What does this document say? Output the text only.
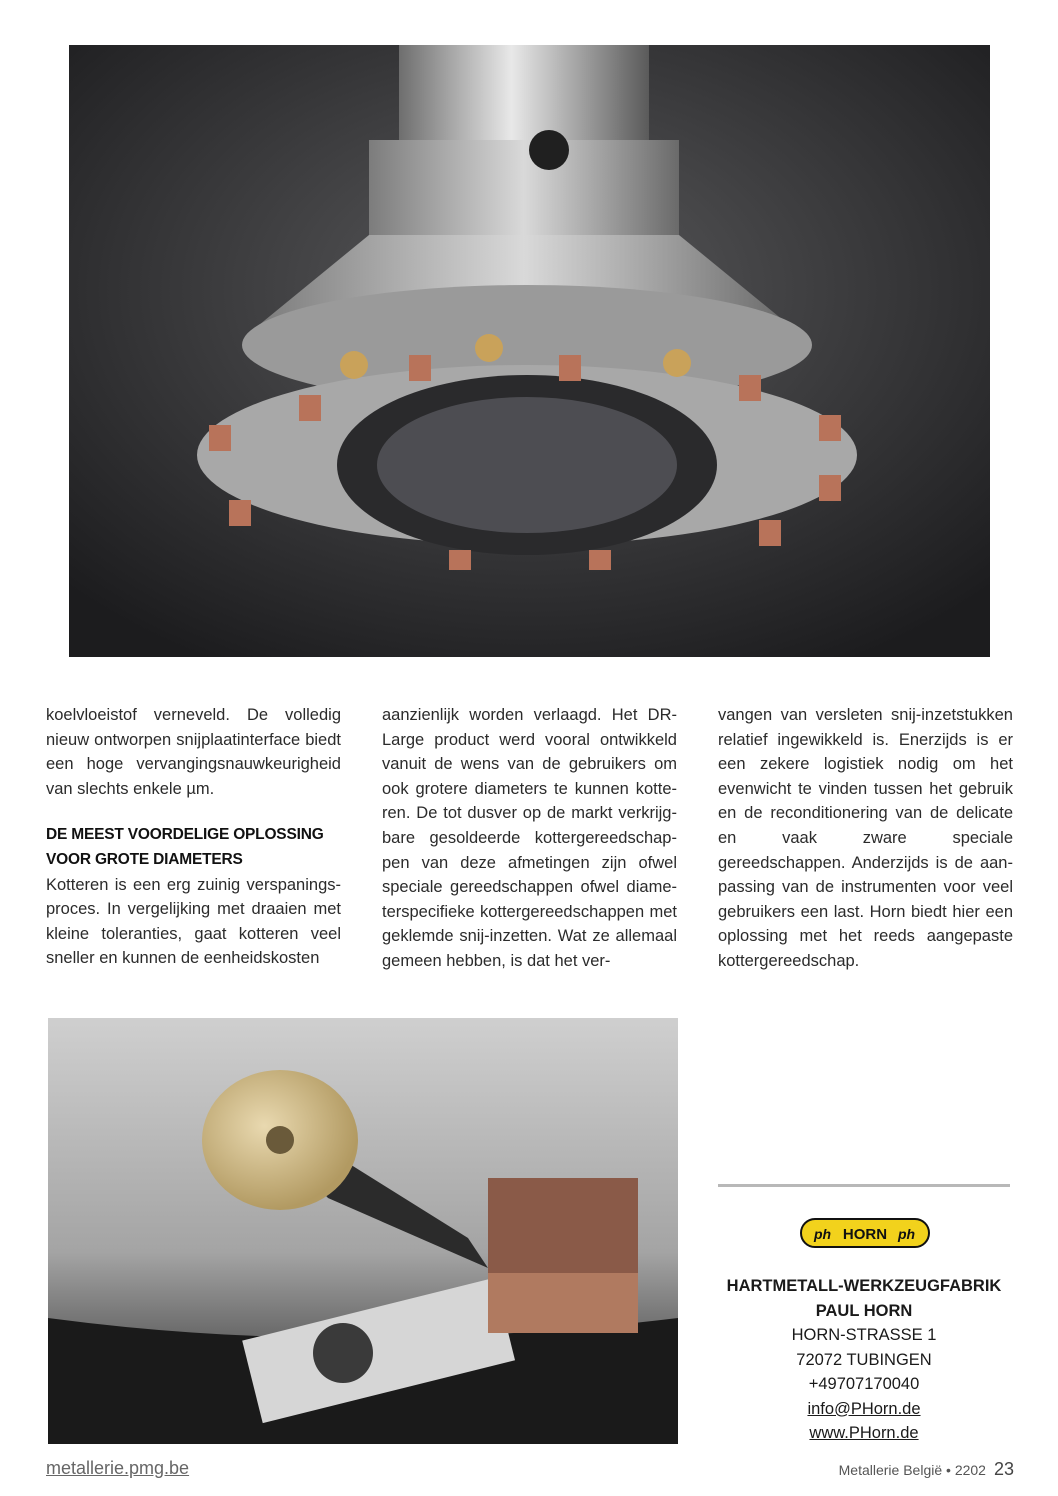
koelvloeistof verneveld. De volledig nieuw ontworpen snijplaatinterface biedt een hoge vervangingsnauwkeurigheid van slechts enkele µm.

DE MEEST VOORDELIGE OPLOSSING VOOR GROTE DIAMETERS

Kotteren is een erg zuinig verspaningsproces. In vergelijking met draaien met kleine toleranties, gaat kotteren veel sneller en kunnen de eenheidskosten

aanzienlijk worden verlaagd. Het DR-Large product werd vooral ontwikkeld vanuit de wens van de gebruikers om ook grotere diameters te kunnen kotteren. De tot dusver op de markt verkrijgbare gesoldeerde kottergereedschappen van deze afmetingen zijn ofwel speciale gereedschappen ofwel diameterspecifieke kottergereedschappen met geklemde snij-inzetten. Wat ze allemaal gemeen hebben, is dat het ver-

vangen van versleten snij-inzetstukken relatief ingewikkeld is. Enerzijds is er een zekere logistiek nodig om het evenwicht te vinden tussen het gebruik en de reconditionering van de delicate en vaak zware speciale gereedschappen. Anderzijds is de aanpassing van de instrumenten voor veel gebruikers een last. Horn biedt hier een oplossing met het reeds aangepaste kottergereedschap.

ph HORN ph
HARTMETALL-WERKZEUGFABRIK
PAUL HORN
HORN-STRASSE 1
72072 TUBINGEN
+49707170040
info@PHorn.de
www.PHorn.de
metallerie.pmg.be	Metallerie België • 2202 23
